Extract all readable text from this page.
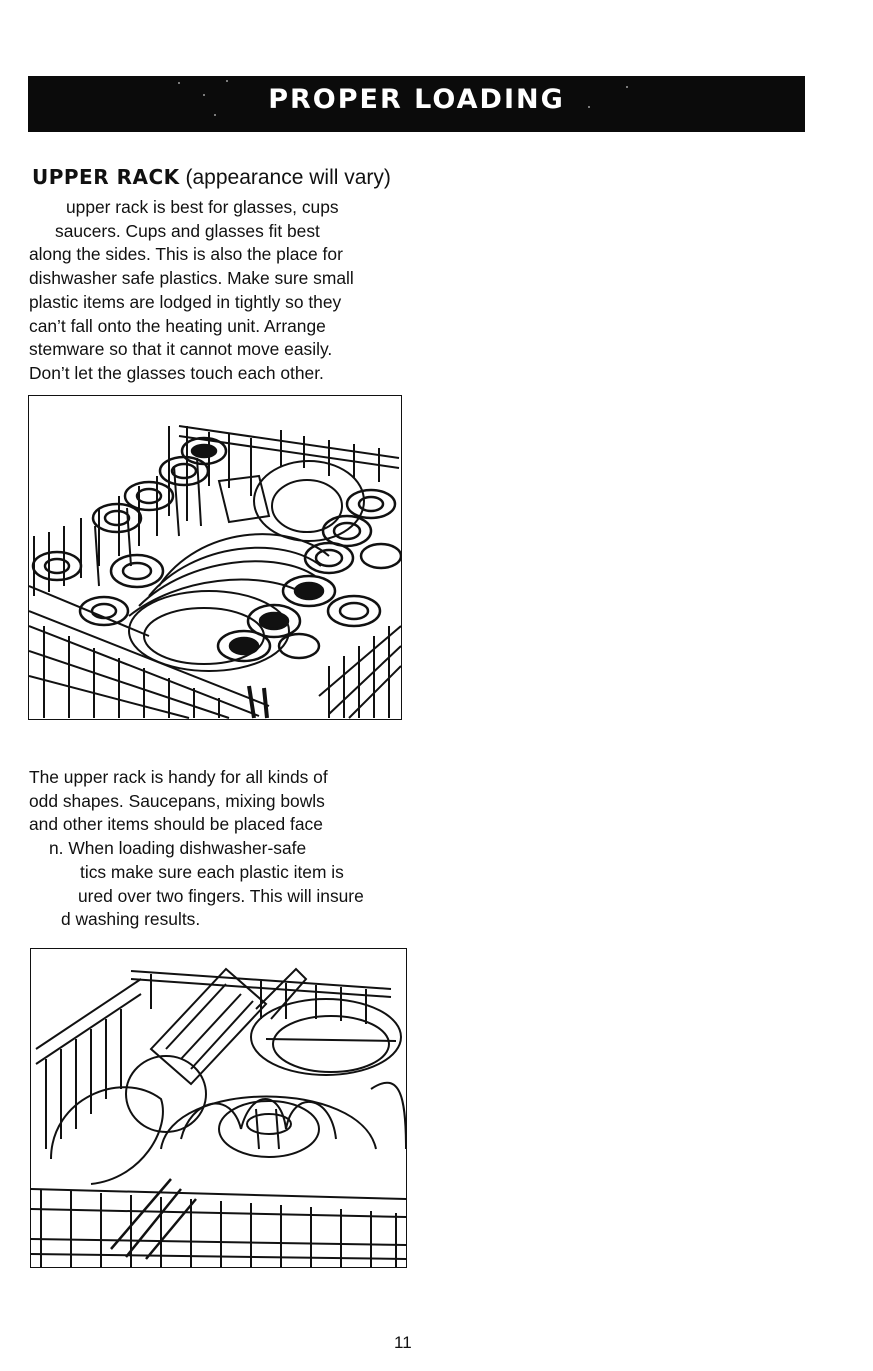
PROPER LOADING
UPPER RACK (appearance will vary)
upper rack is best for glasses, cups
saucers. Cups and glasses fit best
along the sides. This is also the place for
dishwasher safe plastics. Make sure small
plastic items are lodged in tightly so they
can’t fall onto the heating unit. Arrange
stemware so that it cannot move easily.
Don’t let the glasses touch each other.
The upper rack is handy for all kinds of
odd shapes. Saucepans, mixing bowls
and other items should be placed face
n. When loading dishwasher-safe
tics make sure each plastic item is
ured over two fingers. This will insure
d washing results.
11
